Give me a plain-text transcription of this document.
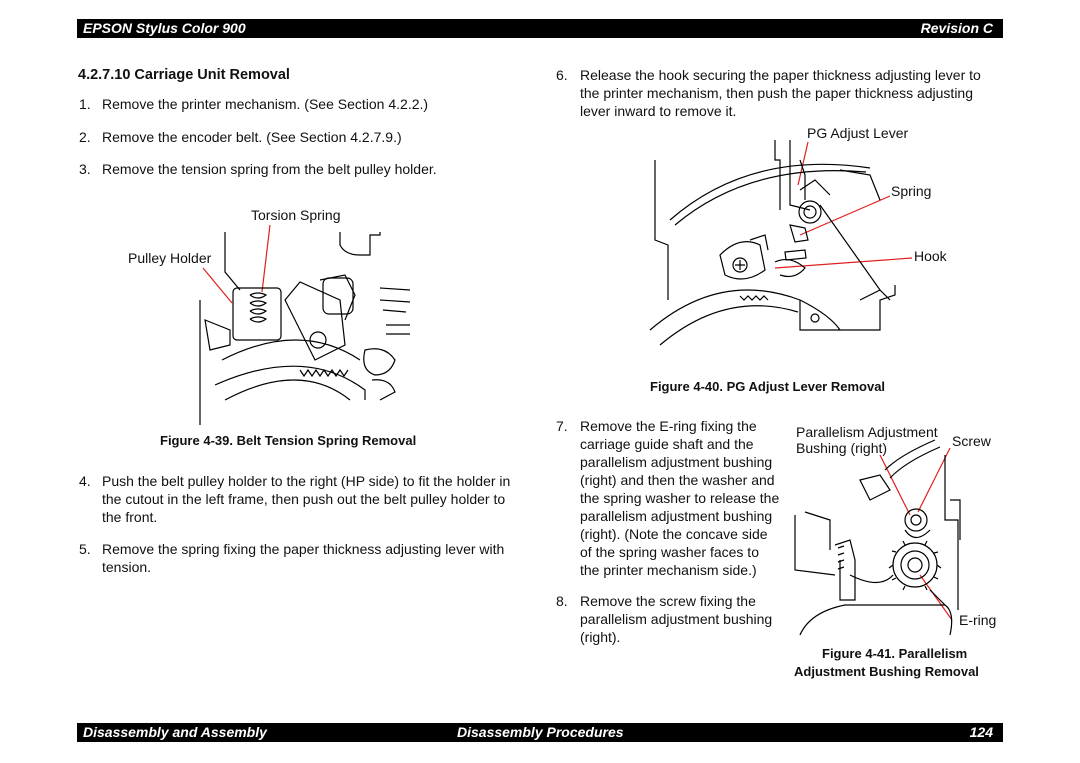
EPSON Stylus Color 900	Revision C
4.2.7.10 Carriage Unit Removal
1. Remove the printer mechanism. (See Section 4.2.2.)
2. Remove the encoder belt. (See Section 4.2.7.9.)
3. Remove the tension spring from the belt pulley holder.
Torsion Spring
Pulley Holder
Figure 4-39. Belt Tension Spring Removal
4. Push the belt pulley holder to the right (HP side) to fit the holder in
the cutout in the left frame, then push out the belt pulley holder to
the front.
5. Remove the spring fixing the paper thickness adjusting lever with
tension.
6. Release the hook securing the paper thickness adjusting lever to
the printer mechanism, then push the paper thickness adjusting
lever inward to remove it.
PG Adjust Lever
Spring
Hook
Figure 4-40. PG Adjust Lever Removal
7. Remove the E-ring fixing the
carriage guide shaft and the
parallelism adjustment bushing
(right) and then the washer and
the spring washer to release the
parallelism adjustment bushing
(right). (Note the concave side
of the spring washer faces to
the printer mechanism side.)
8. Remove the screw fixing the
parallelism adjustment bushing
(right).
Parallelism Adjustment
Bushing (right)	Screw
E-ring
Figure 4-41. Parallelism
Adjustment Bushing Removal
Disassembly and Assembly	Disassembly Procedures	124
